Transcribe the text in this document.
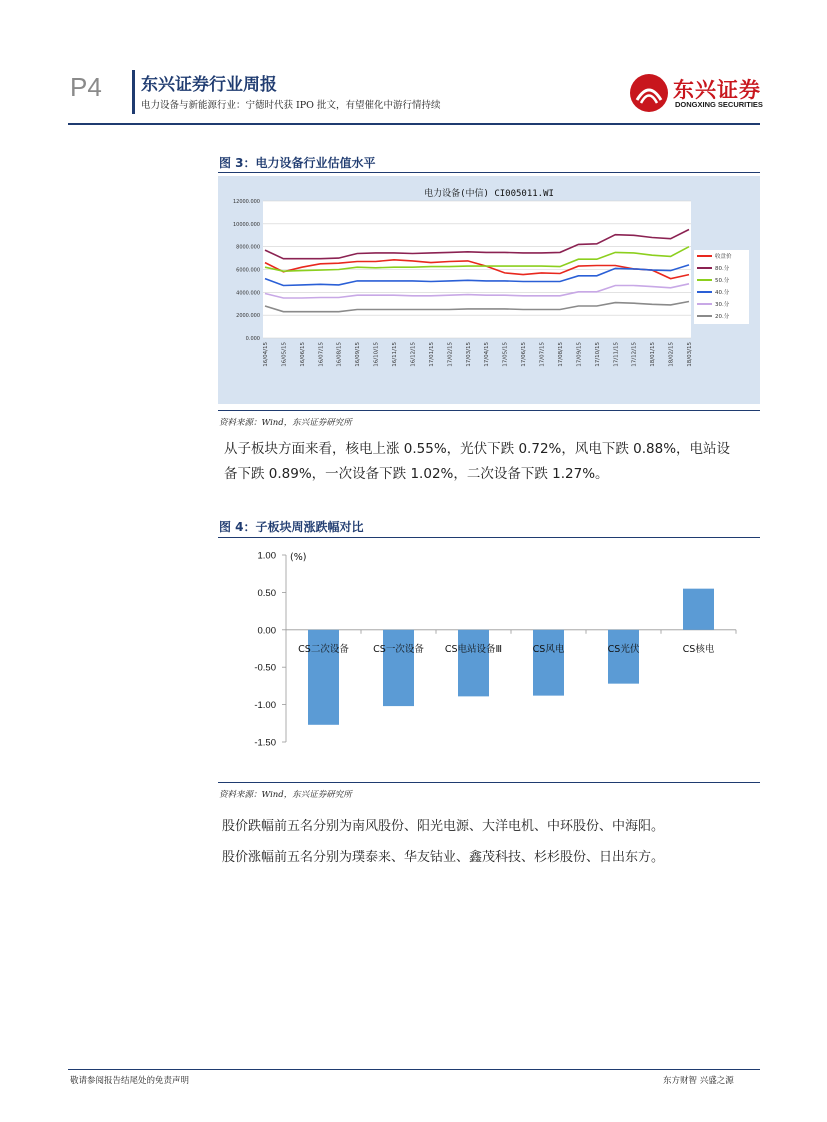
P4 东兴证券行业周报
电力设备与新能源行业：宁德时代获 IPO 批文，有望催化中游行情持续
东兴证券
DONGXING SECURITIES
图 3：电力设备行业估值水平
电力设备(中信) CI005011.WI
0.000
2000.000
4000.000
6000.000
8000.000
10000.000
12000.000
16/04/15 16/05/15 16/06/15 16/07/15 16/08/15 16/09/15 16/10/15 16/11/15 16/12/15 17/01/15 17/02/15 17/03/15 17/04/15 17/05/15 17/06/15 17/07/15 17/08/15 17/09/15 17/10/15 17/11/15 17/12/15 18/01/15 18/02/15 18/03/15
收盘价
80.分
50.分
40.分
30.分
20.分
资料来源：Wind，东兴证券研究所
从子板块方面来看，核电上涨 0.55%，光伏下跌 0.72%，风电下跌 0.88%，电站设
备下跌 0.89%，一次设备下跌 1.02%，二次设备下跌 1.27%。
图 4：子板块周涨跌幅对比
1.00
0.50
0.00
-0.50
-1.00
-1.50
CS二次设备	CS一次设备 CS电站设备Ⅲ	CS风电	CS光伏	CS核电
(%)
资料来源：Wind，东兴证券研究所
股价跌幅前五名分别为南风股份、阳光电源、大洋电机、中环股份、中海阳。
股价涨幅前五名分别为璞泰来、华友钴业、鑫茂科技、杉杉股份、日出东方。
敬请参阅报告结尾处的免责声明	东方财智 兴盛之源
